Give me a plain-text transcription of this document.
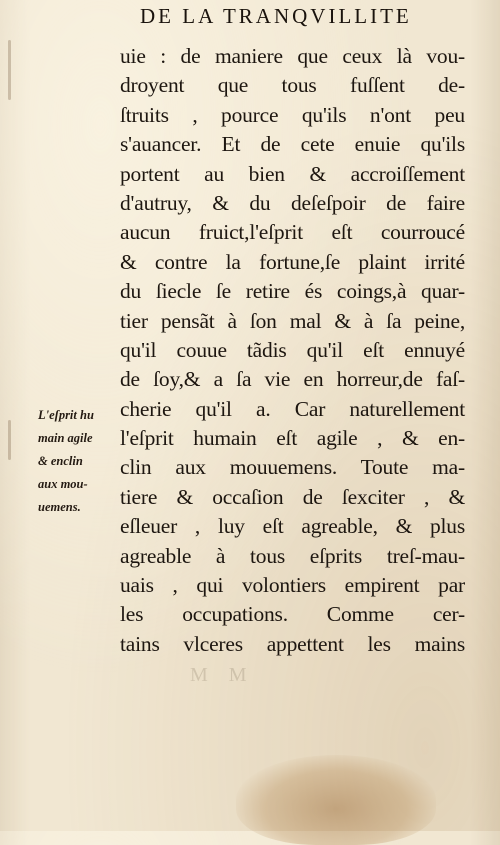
DE LA TRANQVILLITE
uie : de maniere que ceux là vou-
droyent que tous fuſſent de-
ſtruits , pource qu'ils n'ont peu
s'auancer. Et de cete enuie qu'ils
portent au bien & accroiſſement
d'autruy, & du deſeſpoir de faire
aucun fruict,l'eſprit eſt courroucé
& contre la fortune,ſe plaint irrité
du ſiecle ſe retire és coings,à quar-
tier pensãt à ſon mal & à ſa peine,
qu'il couue tãdis qu'il eſt ennuyé
de ſoy,& a ſa vie en horreur,de faſ-
cherie qu'il a. Car naturellement
l'eſprit humain eſt agile , & en-
clin aux mouuemens. Toute ma-
tiere & occaſion de ſexciter , &
eſleuer , luy eſt agreable, & plus
agreable à tous eſprits treſ-mau-
uais , qui volontiers empirent par
les occupations. Comme cer-
tains vlceres appettent les mains
L'eſprit hu
main agile
& enclin
aux mou-
uemens.
M M
